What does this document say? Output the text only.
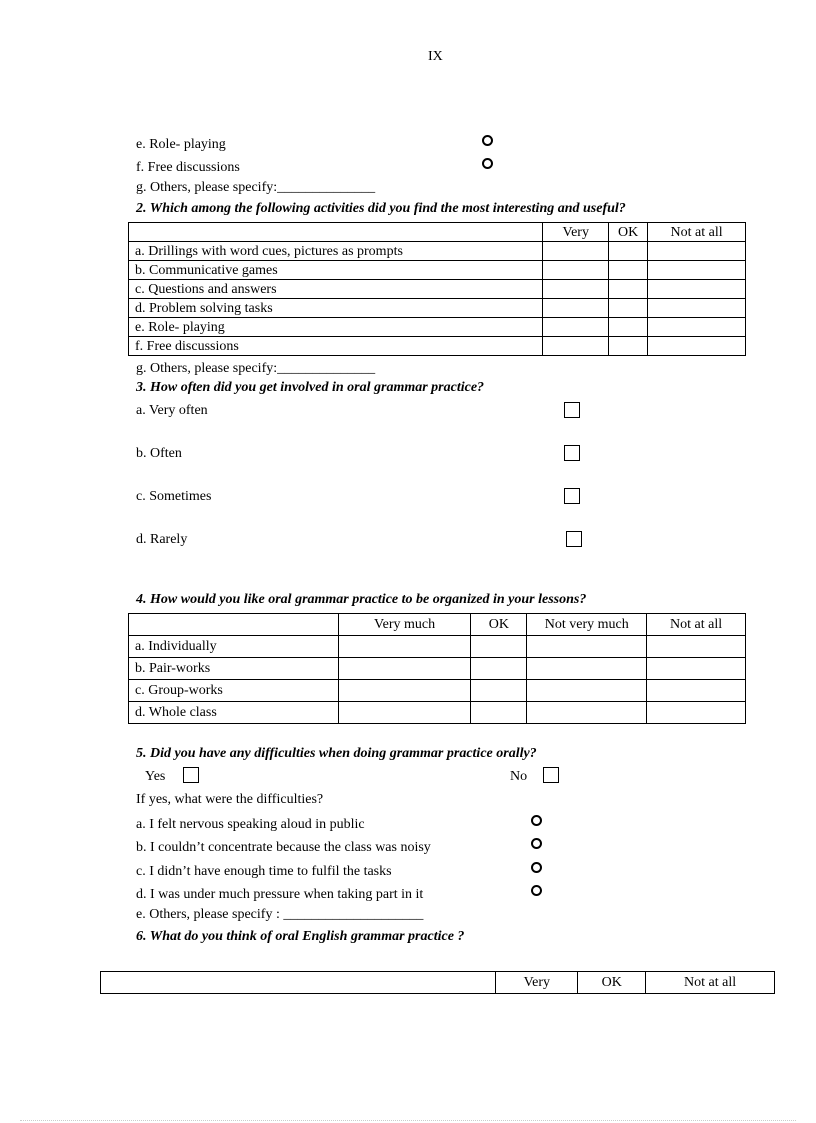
IX
e. Role- playing
f. Free discussions
g. Others, please specify:______________
2. Which among the following activities did you find the most interesting and useful?
	Very	OK	Not at all
a. Drillings with word cues, pictures as prompts			
b. Communicative games			
c. Questions and answers			
d. Problem solving tasks			
e. Role- playing			
f. Free discussions			
g. Others, please specify:______________
3. How often did you get involved in oral grammar practice?
a. Very often
b. Often
c. Sometimes
d. Rarely
4. How would you like oral grammar practice to be organized in your lessons?
	Very much	OK	Not very much	Not at all
a. Individually				
b. Pair-works				
c. Group-works				
d. Whole class				
5. Did you have any difficulties when doing grammar practice orally?
Yes	No
If yes, what were the difficulties?
a. I felt nervous speaking aloud in public
b. I couldn’t concentrate because the class was noisy
c. I didn’t have enough time to fulfil the tasks
d. I was under much pressure when taking part in it
e. Others, please specify : ____________________
6. What do you think of oral English grammar practice ?
	Very	OK	Not at all
